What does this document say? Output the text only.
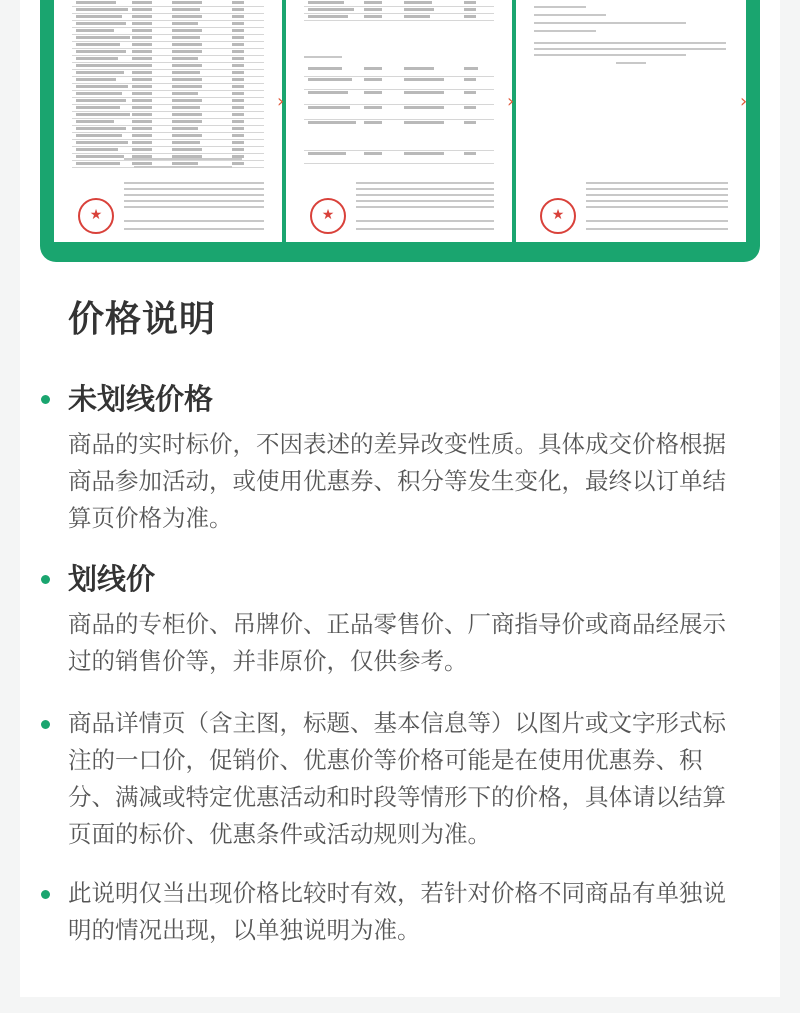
★
★
★
›	›	›
价格说明
未划线价格

商品的实时标价，不因表述的差异改变性质。具体成交价格根据商品参加活动，或使用优惠券、积分等发生变化，最终以订单结算页价格为准。

划线价

商品的专柜价、吊牌价、正品零售价、厂商指导价或商品经展示过的销售价等，并非原价，仅供参考。

商品详情页（含主图，标题、基本信息等）以图片或文字形式标注的一口价，促销价、优惠价等价格可能是在使用优惠券、积分、满减或特定优惠活动和时段等情形下的价格，具体请以结算页面的标价、优惠条件或活动规则为准。

此说明仅当出现价格比较时有效，若针对价格不同商品有单独说明的情况出现，以单独说明为准。
